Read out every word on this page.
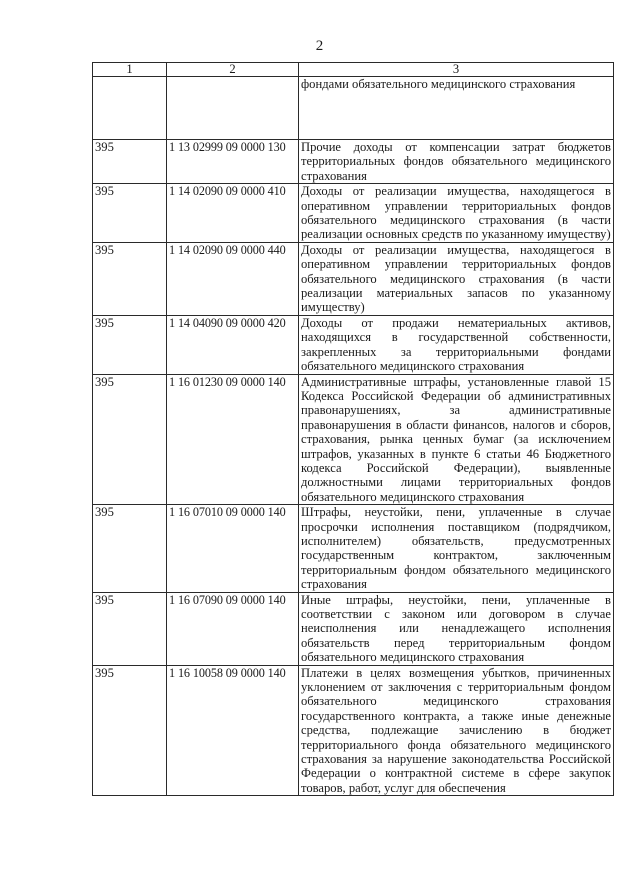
2
1	2	3
		фондами обязательного медицинского страхования
395	1 13 02999 09 0000 130	Прочие доходы от компенсации затрат бюджетов территориальных фондов обязательного медицинского страхования
395	1 14 02090 09 0000 410	Доходы от реализации имущества, находящегося в оперативном управлении территориальных фондов обязательного медицинского страхования (в части реализации основных средств по указанному имуществу)
395	1 14 02090 09 0000 440	Доходы от реализации имущества, находящегося в оперативном управлении территориальных фондов обязательного медицинского страхования (в части реализации материальных запасов по указанному имуществу)
395	1 14 04090 09 0000 420	Доходы от продажи нематериальных активов, находящихся в государственной собственности, закрепленных за территориальными фондами обязательного медицинского страхования
395	1 16 01230 09 0000 140	Административные штрафы, установленные главой 15 Кодекса Российской Федерации об административных правонарушениях, за административные правонарушения в области финансов, налогов и сборов, страхования, рынка ценных бумаг (за исключением штрафов, указанных в пункте 6 статьи 46 Бюджетного кодекса Российской Федерации), выявленные должностными лицами территориальных фондов обязательного медицинского страхования
395	1 16 07010 09 0000 140	Штрафы, неустойки, пени, уплаченные в случае просрочки исполнения поставщиком (подрядчиком, исполнителем) обязательств, предусмотренных государственным контрактом, заключенным территориальным фондом обязательного медицинского страхования
395	1 16 07090 09 0000 140	Иные штрафы, неустойки, пени, уплаченные в соответствии с законом или договором в случае неисполнения или ненадлежащего исполнения обязательств перед территориальным фондом обязательного медицинского страхования
395	1 16 10058 09 0000 140	Платежи в целях возмещения убытков, причиненных уклонением от заключения с территориальным фондом обязательного медицинского страхования государственного контракта, а также иные денежные средства, подлежащие зачислению в бюджет территориального фонда обязательного медицинского страхования за нарушение законодательства Российской Федерации о контрактной системе в сфере закупок товаров, работ, услуг для обеспечения
